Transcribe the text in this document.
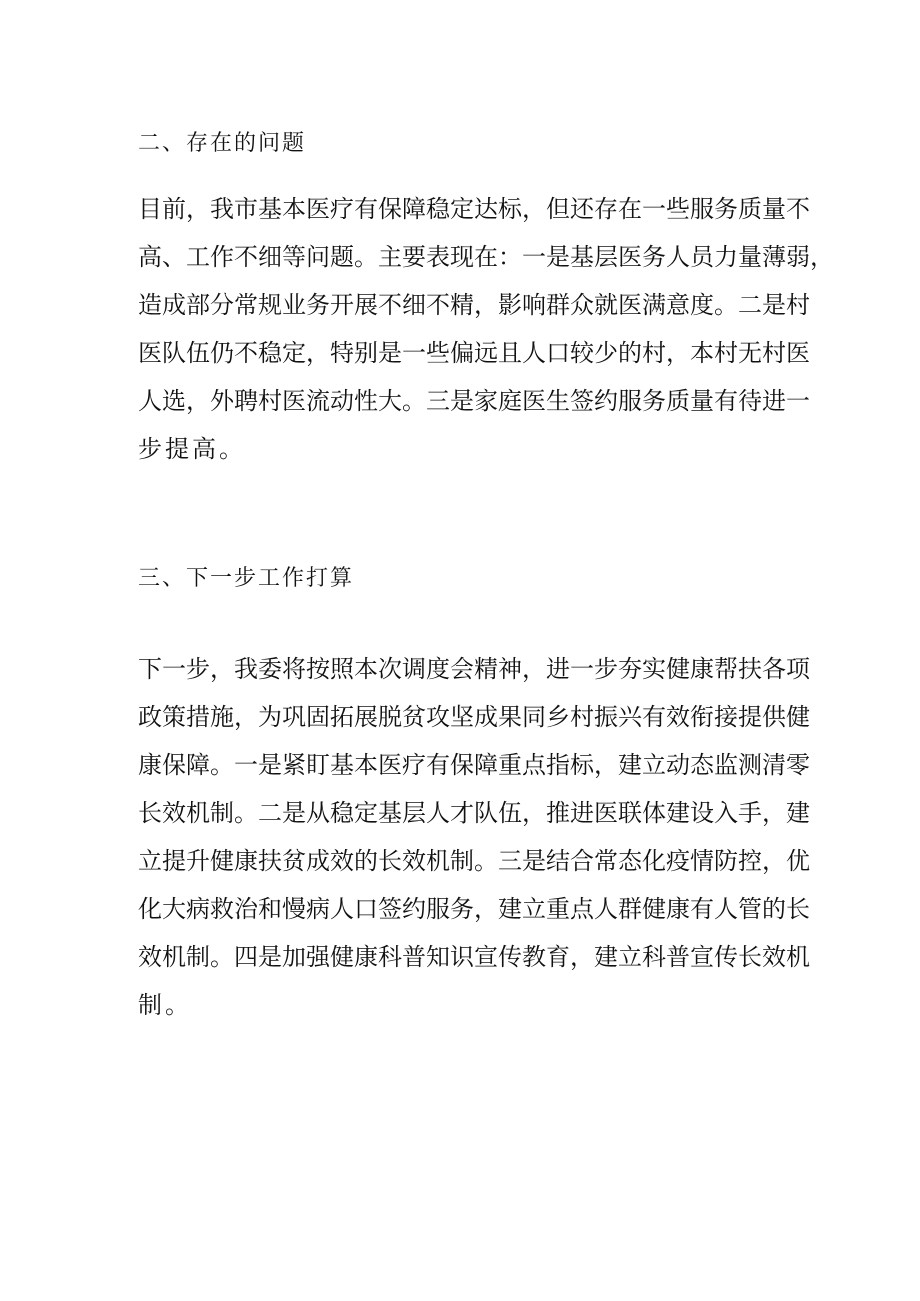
二、存在的问题
目前，我市基本医疗有保障稳定达标，但还存在一些服务质量不
高、工作不细等问题。主要表现在：一是基层医务人员力量薄弱，
造成部分常规业务开展不细不精，影响群众就医满意度。二是村
医队伍仍不稳定，特别是一些偏远且人口较少的村，本村无村医
人选，外聘村医流动性大。三是家庭医生签约服务质量有待进一
步提高。
三、下一步工作打算
下一步，我委将按照本次调度会精神，进一步夯实健康帮扶各项
政策措施，为巩固拓展脱贫攻坚成果同乡村振兴有效衔接提供健
康保障。一是紧盯基本医疗有保障重点指标，建立动态监测清零
长效机制。二是从稳定基层人才队伍，推进医联体建设入手，建
立提升健康扶贫成效的长效机制。三是结合常态化疫情防控，优
化大病救治和慢病人口签约服务，建立重点人群健康有人管的长
效机制。四是加强健康科普知识宣传教育，建立科普宣传长效机
制。
